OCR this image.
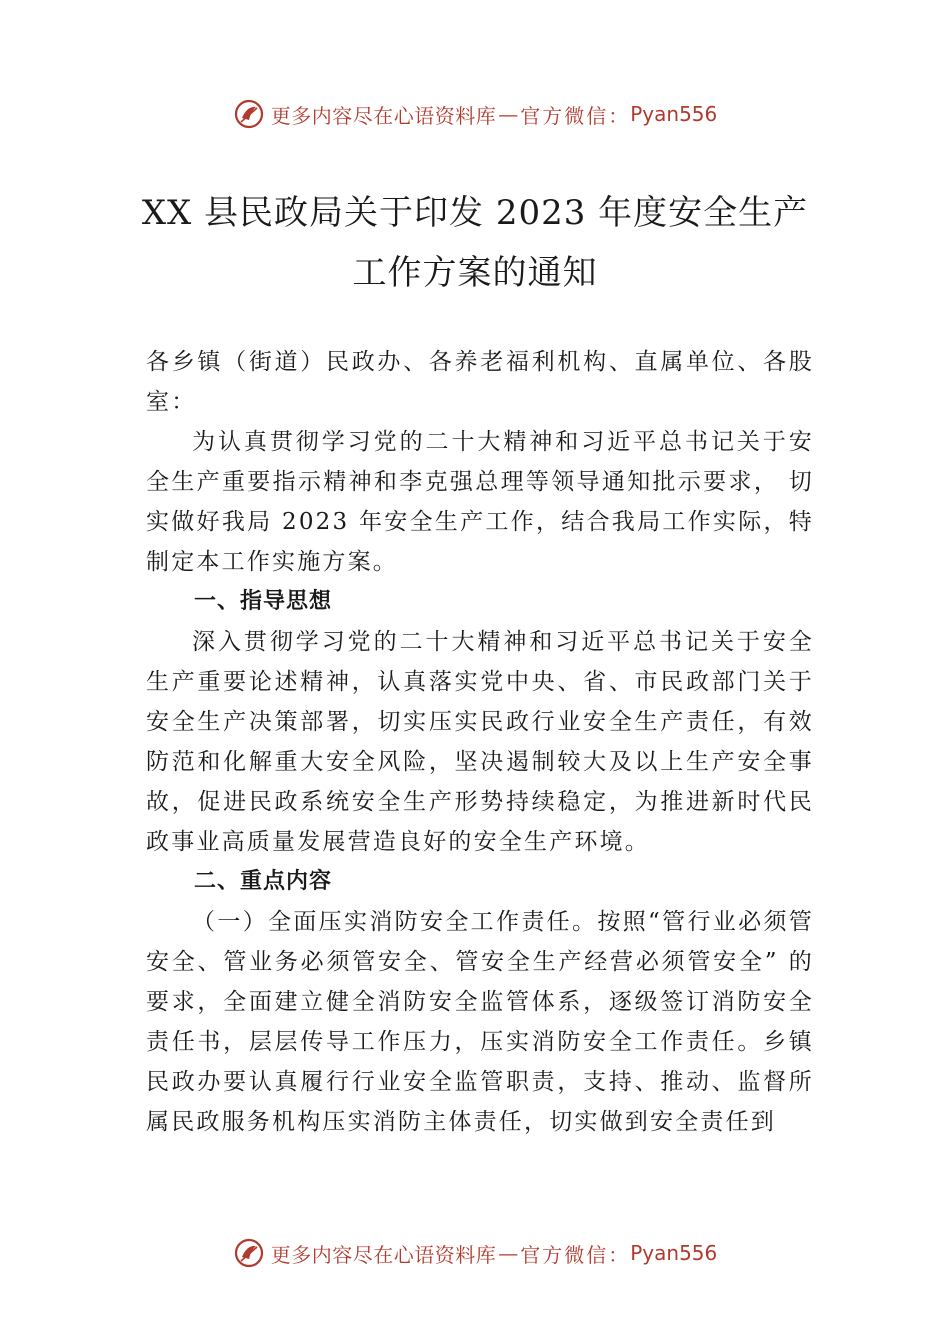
更多内容尽在心语资料库 — 官方微信： Pyan556
XX 县民政局关于印发 2023 年度安全生产
工作方案的通知

各乡镇（街道）民政办、各养老福利机构、直属单位、各股室：

为认真贯彻学习党的二十大精神和习近平总书记关于安全生产重要指示精神和李克强总理等领导通知批示要求， 切实做好我局 2023 年安全生产工作，结合我局工作实际，特制定本工作实施方案。

一、指导思想

深入贯彻学习党的二十大精神和习近平总书记关于安全生产重要论述精神，认真落实党中央、省、市民政部门关于安全生产决策部署，切实压实民政行业安全生产责任，有效防范和化解重大安全风险，坚决遏制较大及以上生产安全事故，促进民政系统安全生产形势持续稳定，为推进新时代民政事业高质量发展营造良好的安全生产环境。

二、重点内容

（一）全面压实消防安全工作责任。按照“管行业必须管安全、管业务必须管安全、管安全生产经营必须管安全” 的要求，全面建立健全消防安全监管体系，逐级签订消防安全责任书，层层传导工作压力，压实消防安全工作责任。乡镇民政办要认真履行行业安全监管职责，支持、推动、监督所属民政服务机构压实消防主体责任，切实做到安全责任到

更多内容尽在心语资料库 — 官方微信： Pyan556
